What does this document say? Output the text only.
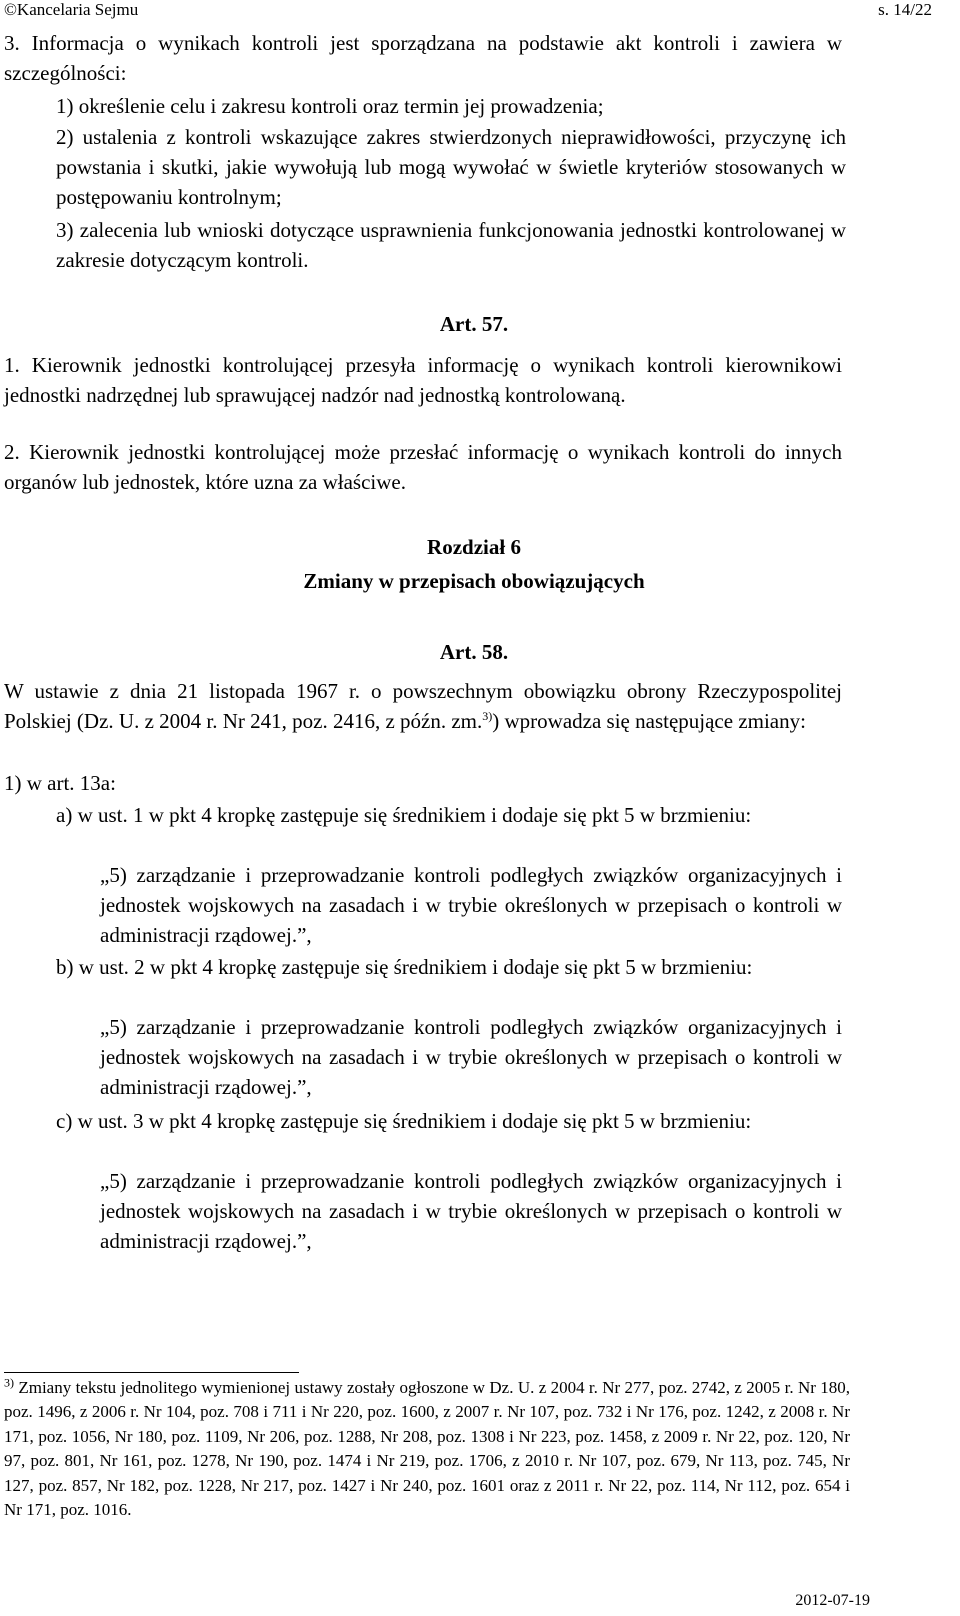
©Kancelaria Sejmu	s. 14/22

3. Informacja o wynikach kontroli jest sporządzana na podstawie akt kontroli i zawiera w szczególności:

1) określenie celu i zakresu kontroli oraz termin jej prowadzenia;

2) ustalenia z kontroli wskazujące zakres stwierdzonych nieprawidłowości, przyczynę ich powstania i skutki, jakie wywołują lub mogą wywołać w świetle kryteriów stosowanych w postępowaniu kontrolnym;

3) zalecenia lub wnioski dotyczące usprawnienia funkcjonowania jednostki kontrolowanej w zakresie dotyczącym kontroli.

Art. 57.

1. Kierownik jednostki kontrolującej przesyła informację o wynikach kontroli kierownikowi jednostki nadrzędnej lub sprawującej nadzór nad jednostką kontrolowaną.

2. Kierownik jednostki kontrolującej może przesłać informację o wynikach kontroli do innych organów lub jednostek, które uzna za właściwe.

Rozdział 6
Zmiany w przepisach obowiązujących
Art. 58.

W ustawie z dnia 21 listopada 1967 r. o powszechnym obowiązku obrony Rzeczypospolitej Polskiej (Dz. U. z 2004 r. Nr 241, poz. 2416, z późn. zm.$^{3)}$) wprowadza się następujące zmiany:

1) w art. 13a:

a) w ust. 1 w pkt 4 kropkę zastępuje się średnikiem i dodaje się pkt 5 w brzmieniu:

„5) zarządzanie i przeprowadzanie kontroli podległych związków organizacyjnych i jednostek wojskowych na zasadach i w trybie określonych w przepisach o kontroli w administracji rządowej.”,

b) w ust. 2 w pkt 4 kropkę zastępuje się średnikiem i dodaje się pkt 5 w brzmieniu:

„5) zarządzanie i przeprowadzanie kontroli podległych związków organizacyjnych i jednostek wojskowych na zasadach i w trybie określonych w przepisach o kontroli w administracji rządowej.”,

c) w ust. 3 w pkt 4 kropkę zastępuje się średnikiem i dodaje się pkt 5 w brzmieniu:

„5) zarządzanie i przeprowadzanie kontroli podległych związków organizacyjnych i jednostek wojskowych na zasadach i w trybie określonych w przepisach o kontroli w administracji rządowej.”,

$^{3)}$ Zmiany tekstu jednolitego wymienionej ustawy zostały ogłoszone w Dz. U. z 2004 r. Nr 277, poz. 2742, z 2005 r. Nr 180, poz. 1496, z 2006 r. Nr 104, poz. 708 i 711 i Nr 220, poz. 1600, z 2007 r. Nr 107, poz. 732 i Nr 176, poz. 1242, z 2008 r. Nr 171, poz. 1056, Nr 180, poz. 1109, Nr 206, poz. 1288, Nr 208, poz. 1308 i Nr 223, poz. 1458, z 2009 r. Nr 22, poz. 120, Nr 97, poz. 801, Nr 161, poz. 1278, Nr 190, poz. 1474 i Nr 219, poz. 1706, z 2010 r. Nr 107, poz. 679, Nr 113, poz. 745, Nr 127, poz. 857, Nr 182, poz. 1228, Nr 217, poz. 1427 i Nr 240, poz. 1601 oraz z 2011 r. Nr 22, poz. 114, Nr 112, poz. 654 i Nr 171, poz. 1016.

2012-07-19
